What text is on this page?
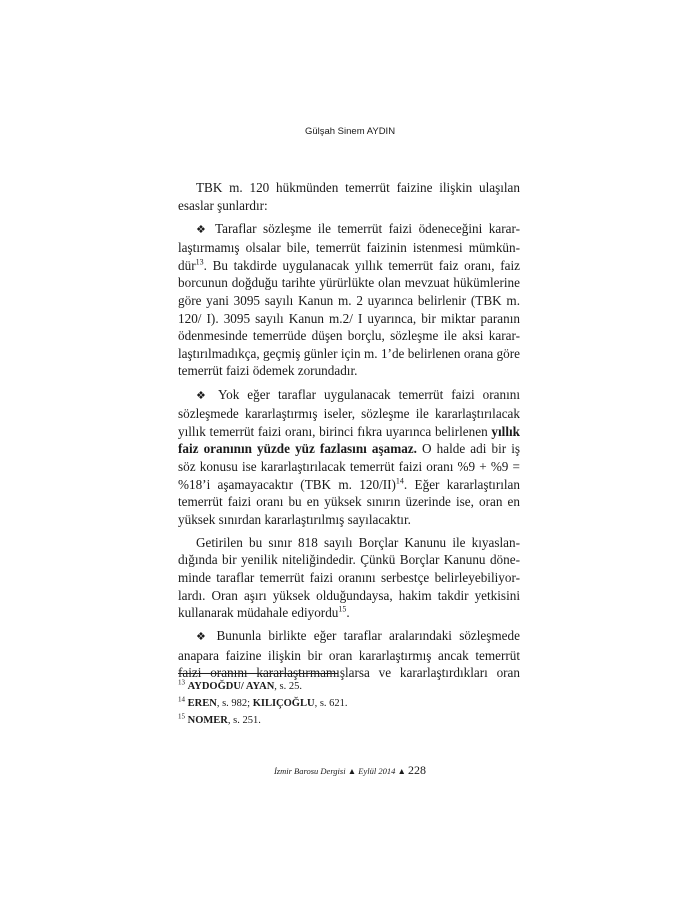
Gülşah Sinem AYDIN
TBK m. 120 hükmünden temerrüt faizine ilişkin ulaşılan
esaslar şunlardır:
❖ Taraflar sözleşme ile temerrüt faizi ödeneceğini karar-
laştırmamış olsalar bile, temerrüt faizinin istenmesi mümkün-
dür$^{13}$. Bu takdirde uygulanacak yıllık temerrüt faiz oranı, faiz
borcunun doğduğu tarihte yürürlükte olan mevzuat hükümlerine
göre yani 3095 sayılı Kanun m. 2 uyarınca belirlenir (TBK m.
120/ I). 3095 sayılı Kanun m.2/ I uyarınca, bir miktar paranın
ödenmesinde temerrüde düşen borçlu, sözleşme ile aksi karar-
laştırılmadıkça, geçmiş günler için m. 1’de belirlenen orana göre
temerrüt faizi ödemek zorundadır.
❖ Yok eğer taraflar uygulanacak temerrüt faizi oranını
sözleşmede kararlaştırmış iseler, sözleşme ile kararlaştırılacak
yıllık temerrüt faizi oranı, birinci fıkra uyarınca belirlenen yıllık
faiz oranının yüzde yüz fazlasını aşamaz. O halde adi bir iş
söz konusu ise kararlaştırılacak temerrüt faizi oranı %9 + %9 =
%18’i aşamayacaktır (TBK m. 120/II)$^{14}$. Eğer kararlaştırılan
temerrüt faizi oranı bu en yüksek sınırın üzerinde ise, oran en
yüksek sınırdan kararlaştırılmış sayılacaktır.
Getirilen bu sınır 818 sayılı Borçlar Kanunu ile kıyaslan-
dığında bir yenilik niteliğindedir. Çünkü Borçlar Kanunu döne-
minde taraflar temerrüt faizi oranını serbestçe belirleyebiliyor-
lardı. Oran aşırı yüksek olduğundaysa, hakim takdir yetkisini
kullanarak müdahale ediyordu$^{15}$.
❖ Bununla birlikte eğer taraflar aralarındaki sözleşmede
anapara faizine ilişkin bir oran kararlaştırmış ancak temerrüt
faizi oranını kararlaştırmamışlarsa ve kararlaştırdıkları oran
$^{13}$ AYDOĞDU/ AYAN, s. 25.
$^{14}$ EREN, s. 982; KILIÇOĞLU, s. 621.
$^{15}$ NOMER, s. 251.
İzmir Barosu Dergisi ▲ Eylül 2014 ▲ 228
